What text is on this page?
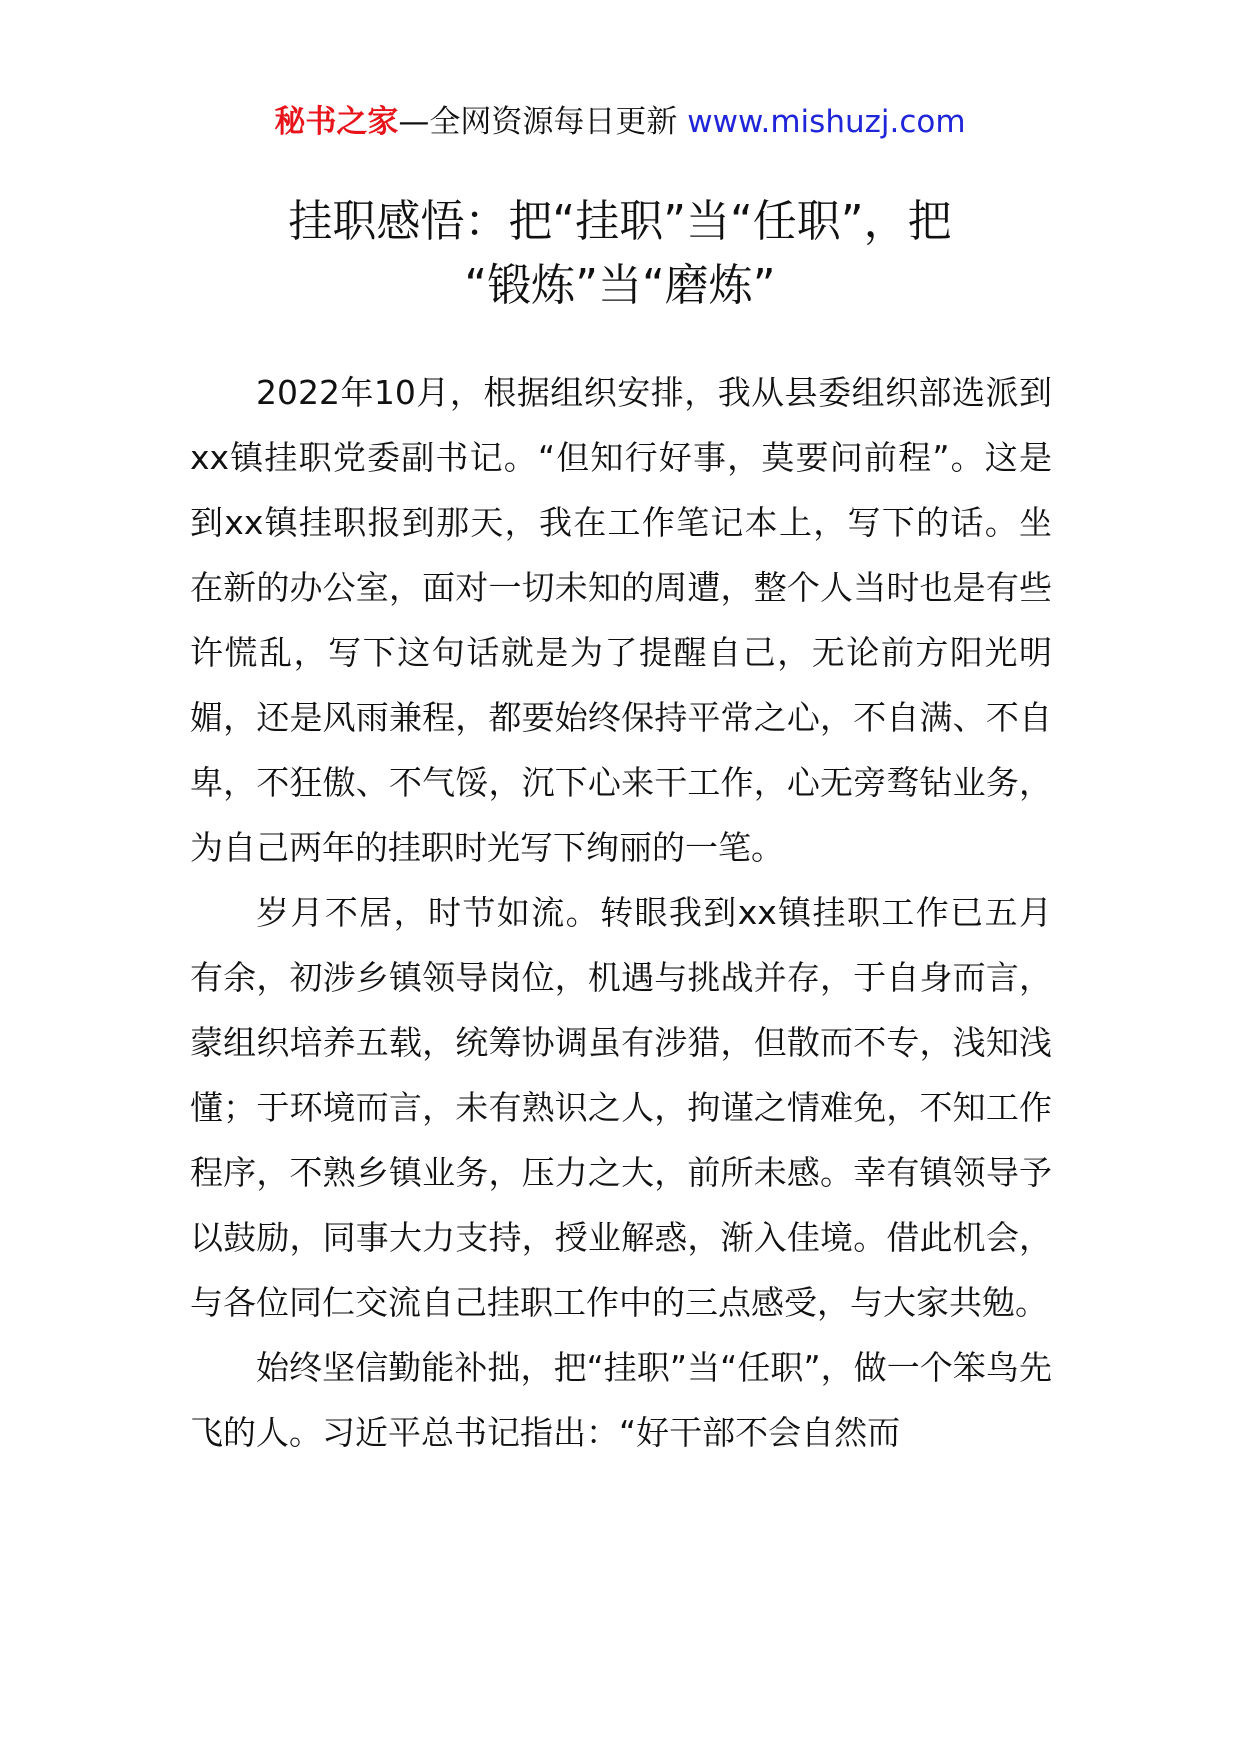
秘书之家—全网资源每日更新 www.mishuzj.com
挂职感悟：把“挂职”当“任职”，把
“锻炼”当“磨炼”

2022年10月，根据组织安排，我从县委组织部选派到xx镇挂职党委副书记。“但知行好事，莫要问前程”。这是到xx镇挂职报到那天，我在工作笔记本上，写下的话。坐在新的办公室，面对一切未知的周遭，整个人当时也是有些许慌乱，写下这句话就是为了提醒自己，无论前方阳光明媚，还是风雨兼程，都要始终保持平常之心，不自满、不自卑，不狂傲、不气馁，沉下心来干工作，心无旁骛钻业务，为自己两年的挂职时光写下绚丽的一笔。

岁月不居，时节如流。转眼我到xx镇挂职工作已五月有余，初涉乡镇领导岗位，机遇与挑战并存，于自身而言，蒙组织培养五载，统筹协调虽有涉猎，但散而不专，浅知浅懂；于环境而言，未有熟识之人，拘谨之情难免，不知工作程序，不熟乡镇业务，压力之大，前所未感。幸有镇领导予以鼓励，同事大力支持，授业解惑，渐入佳境。借此机会，与各位同仁交流自己挂职工作中的三点感受，与大家共勉。

始终坚信勤能补拙，把“挂职”当“任职”，做一个笨鸟先飞的人。习近平总书记指出：“好干部不会自然而
